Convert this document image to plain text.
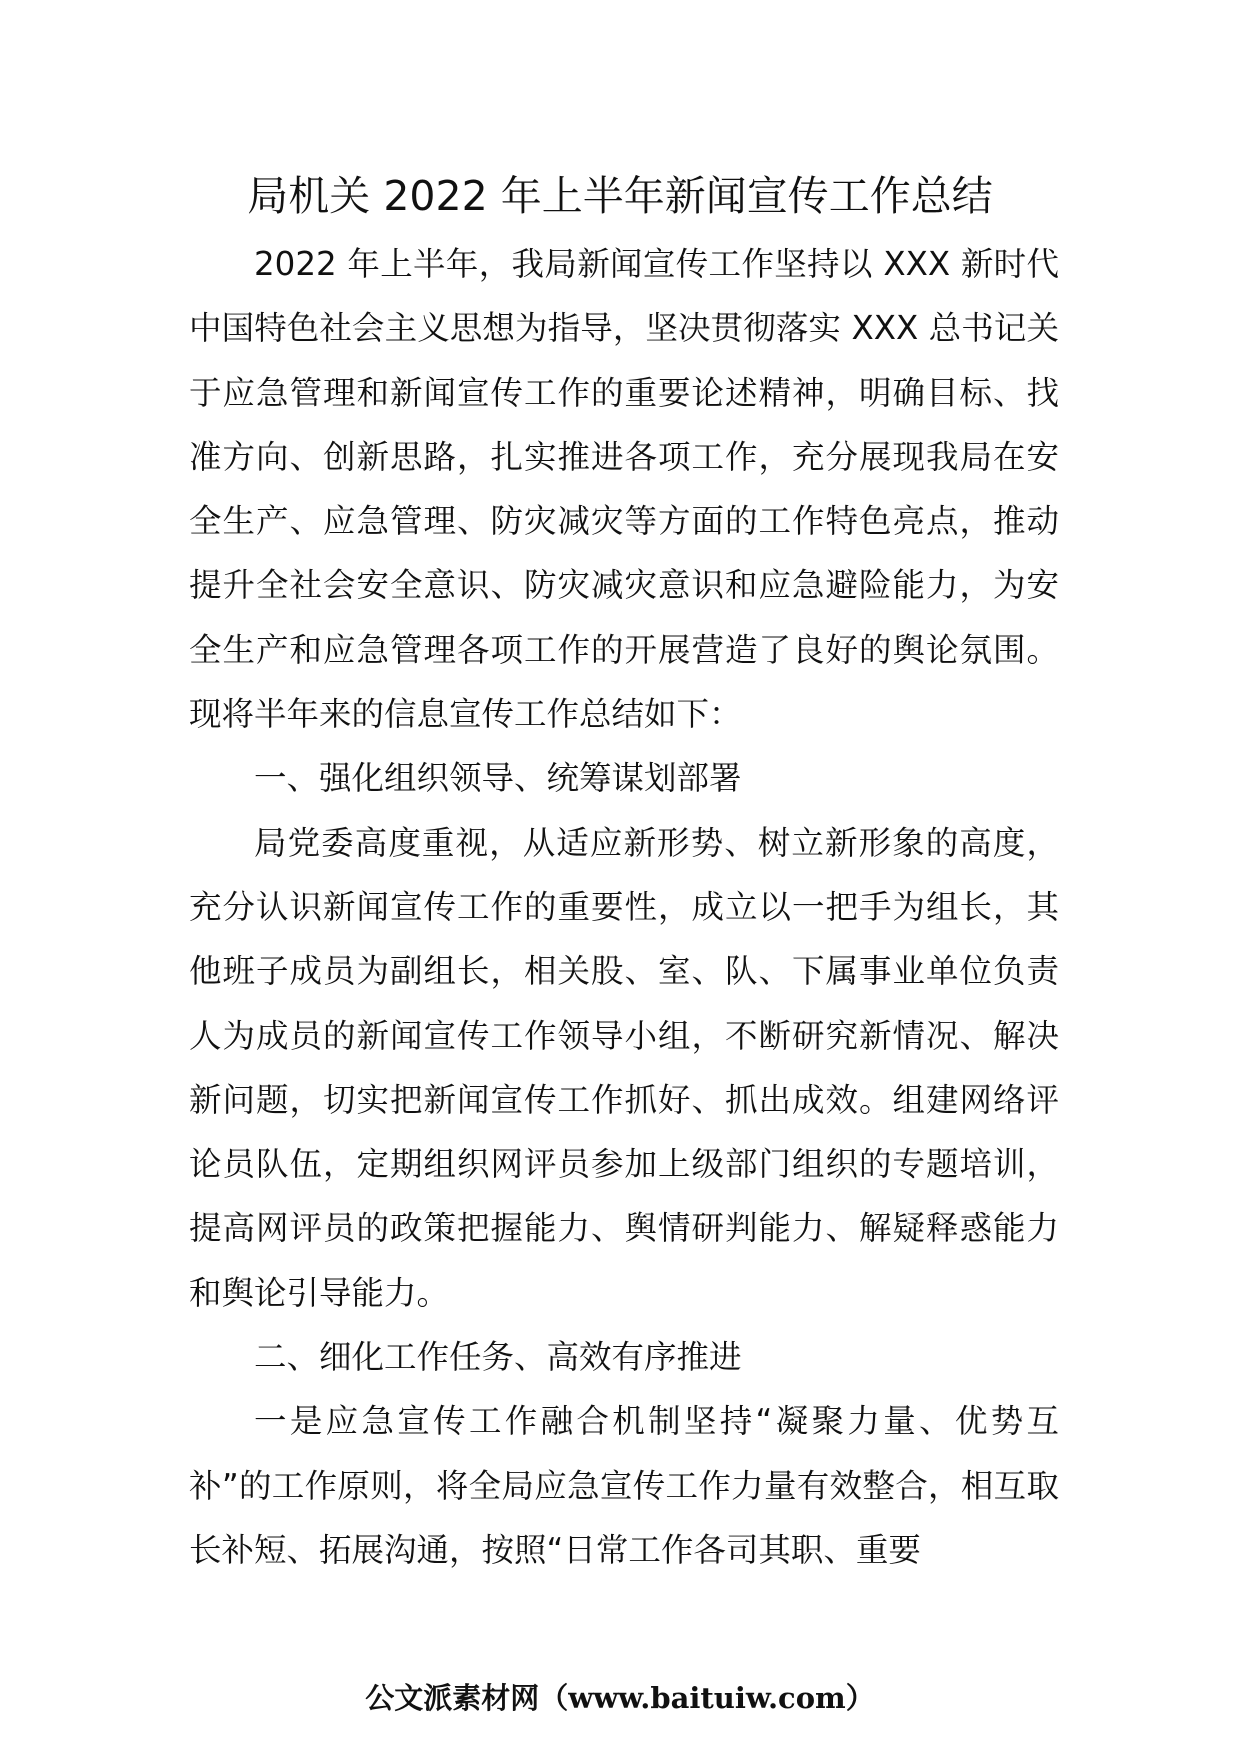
局机关 2022 年上半年新闻宣传工作总结

2022 年上半年，我局新闻宣传工作坚持以 XXX 新时代中国特色社会主义思想为指导，坚决贯彻落实 XXX 总书记关于应急管理和新闻宣传工作的重要论述精神，明确目标、找准方向、创新思路，扎实推进各项工作，充分展现我局在安全生产、应急管理、防灾减灾等方面的工作特色亮点，推动提升全社会安全意识、防灾减灾意识和应急避险能力，为安全生产和应急管理各项工作的开展营造了良好的舆论氛围。现将半年来的信息宣传工作总结如下：

一、强化组织领导、统筹谋划部署

局党委高度重视，从适应新形势、树立新形象的高度，充分认识新闻宣传工作的重要性，成立以一把手为组长，其他班子成员为副组长，相关股、室、队、下属事业单位负责人为成员的新闻宣传工作领导小组，不断研究新情况、解决新问题，切实把新闻宣传工作抓好、抓出成效。组建网络评论员队伍，定期组织网评员参加上级部门组织的专题培训，提高网评员的政策把握能力、舆情研判能力、解疑释惑能力和舆论引导能力。

二、细化工作任务、高效有序推进

一是应急宣传工作融合机制坚持“凝聚力量、优势互补”的工作原则，将全局应急宣传工作力量有效整合，相互取长补短、拓展沟通，按照“日常工作各司其职、重要

公文派素材网（www.baituiw.com）
